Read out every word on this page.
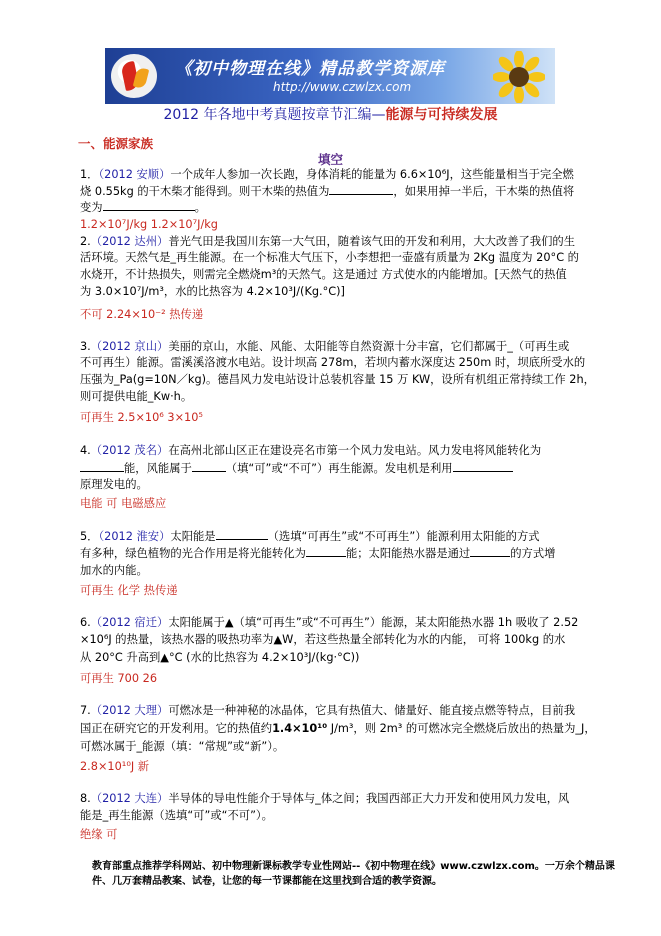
《初中物理在线》精品教学资源库
http://www.czwlzx.com
2012 年各地中考真题按章节汇编—能源与可持续发展
一、能源家族
填空
1．（2012 安顺）一个成年人参加一次长跑，身体消耗的能量为 6.6×10⁶J，这些能量相当于完全燃
烧 0.55kg 的干木柴才能得到。则干木柴的热值为	，如果用掉一半后，干木柴的热值将
变为	。
1.2×10⁷J/kg 1.2×10⁷J/kg
2.（2012 达州）普光气田是我国川东第一大气田，随着该气田的开发和利用，大大改善了我们的生
活环境。天然气是_再生能源。在一个标准大气压下，小李想把一壶盛有质量为 2Kg 温度为 20°C 的
水烧开，不计热损失，则需完全燃烧m³的天然气。这是通过 方式使水的内能增加。[天然气的热值
为 3.0×10⁷J/m³，水的比热容为 4.2×10³J/(Kg.°C)]
不可 2.24×10⁻² 热传递
3.（2012 京山）美丽的京山，水能、风能、太阳能等自然资源十分丰富，它们都属于_（可再生或
不可再生）能源。雷溪溪洛渡水电站。设计坝高 278m，若坝内蓄水深度达 250m 时，坝底所受水的
压强为_Pa(g=10N／kg)。德昌风力发电站设计总装机容量 15 万 KW，设所有机组正常持续工作 2h，
则可提供电能_Kw·h。
可再生 2.5×10⁶ 3×10⁵
4.（2012 茂名）在高州北部山区正在建设亮名市第一个风力发电站。风力发电将风能转化为
能，风能属于	（填“可”或“不可”）再生能源。发电机是利用
原理发电的。
电能 可 电磁感应
5．（2012 淮安）太阳能是	（选填“可再生”或“不可再生”）能源利用太阳能的方式
有多种，绿色植物的光合作用是将光能转化为	能；太阳能热水器是通过	的方式增
加水的内能。
可再生 化学 热传递
6.（2012 宿迁）太阳能属于▲（填“可再生”或“不可再生”）能源，某太阳能热水器 1h 吸收了 2.52
×10⁶J 的热量，该热水器的吸热功率为▲W，若这些热量全部转化为水的内能， 可将 100kg 的水
从 20°C 升高到▲°C (水的比热容为 4.2×10³J/(kg·°C))
可再生 700 26
7.（2012 大理）可燃冰是一种神秘的冰晶体，它具有热值大、储量好、能直接点燃等特点，目前我
国正在研究它的开发利用。它的热值约1.4×10¹⁰ J/m³，则 2m³ 的可燃冰完全燃烧后放出的热量为_J，
可燃冰属于_能源（填：“常规”或“新”）。
2.8×10¹⁰J 新
8.（2012 大连）半导体的导电性能介于导体与_体之间；我国西部正大力开发和使用风力发电，风
能是_再生能源（选填“可”或“不可”）。
绝缘 可
教育部重点推荐学科网站、初中物理新课标教学专业性网站--《初中物理在线》www.czwlzx.com。一万余个精品课
件、几万套精品教案、试卷，让您的每一节课都能在这里找到合适的教学资源。
